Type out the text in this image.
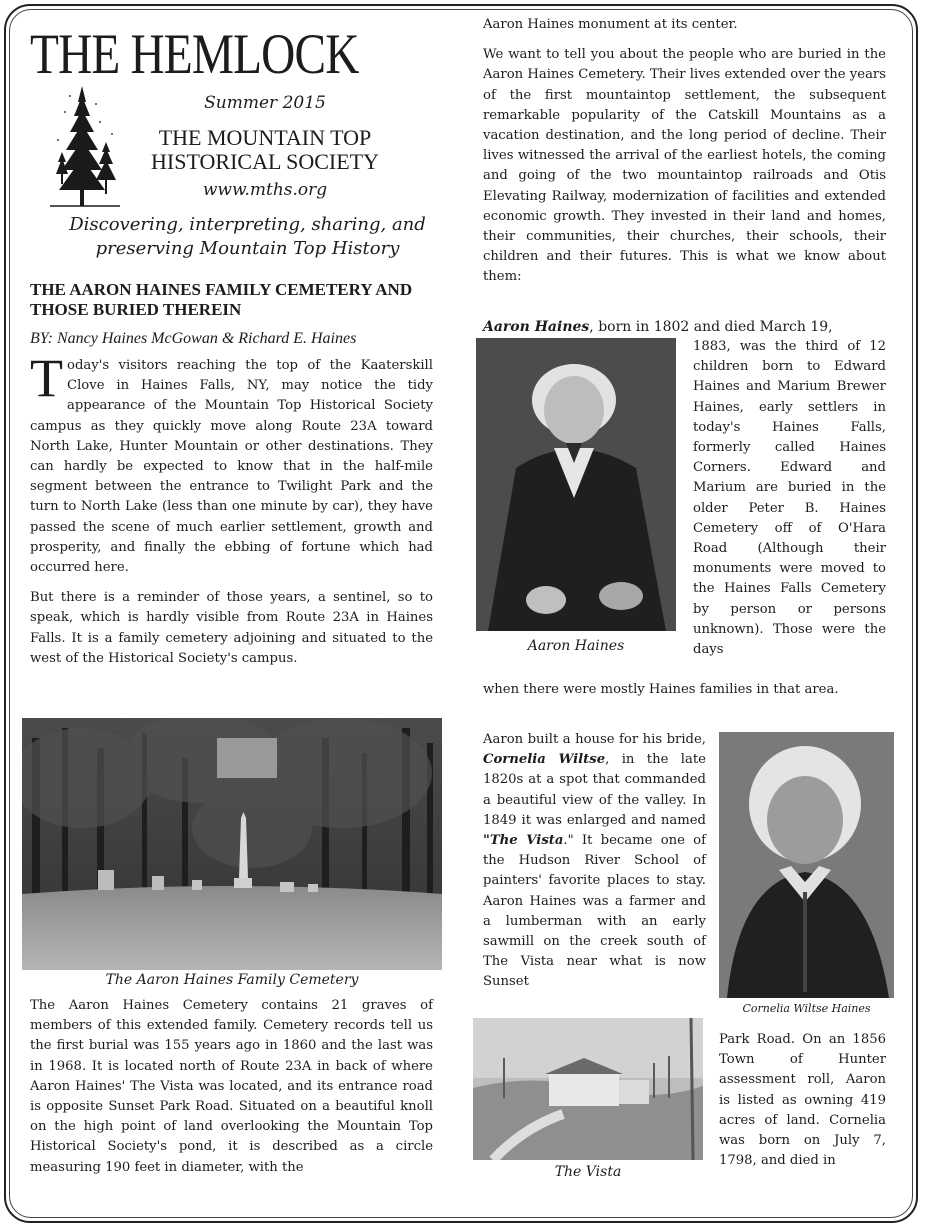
THE HEMLOCK
Summer 2015
THE MOUNTAIN TOP HISTORICAL SOCIETY
www.mths.org
Discovering, interpreting, sharing, and preserving Mountain Top History
THE AARON HAINES FAMILY CEMETERY AND THOSE BURIED THEREIN
BY: Nancy Haines McGowan & Richard E. Haines

Today's visitors reaching the top of the Kaaterskill Clove in Haines Falls, NY, may notice the tidy appearance of the Mountain Top Historical Society campus as they quickly move along Route 23A toward North Lake, Hunter Mountain or other destinations. They can hardly be expected to know that in the half-mile segment between the entrance to Twilight Park and the turn to North Lake (less than one minute by car), they have passed the scene of much earlier settlement, growth and prosperity, and finally the ebbing of fortune which had occurred here.

But there is a reminder of those years, a sentinel, so to speak, which is hardly visible from Route 23A in Haines Falls. It is a family cemetery adjoining and situated to the west of the Historical Society's campus.

The Aaron Haines Family Cemetery

The Aaron Haines Cemetery contains 21 graves of members of this extended family. Cemetery records tell us the first burial was 155 years ago in 1860 and the last was in 1968. It is located north of Route 23A in back of where Aaron Haines' The Vista was located, and its entrance road is opposite Sunset Park Road. Situated on a beautiful knoll on the high point of land overlooking the Mountain Top Historical Society's pond, it is described as a circle measuring 190 feet in diameter, with the

Aaron Haines monument at its center.

We want to tell you about the people who are buried in the Aaron Haines Cemetery. Their lives extended over the years of the first mountaintop settlement, the subsequent remarkable popularity of the Catskill Mountains as a vacation destination, and the long period of decline. Their lives witnessed the arrival of the earliest hotels, the coming and going of the two mountaintop railroads and Otis Elevating Railway, modernization of facilities and extended economic growth. They invested in their land and homes, their communities, their churches, their schools, their children and their futures. This is what we know about them:

Aaron Haines, born in 1802 and died March 19,

Aaron Haines

1883, was the third of 12 children born to Edward Haines and Marium Brewer Haines, early settlers in today's Haines Falls, formerly called Haines Corners. Edward and Marium are buried in the older Peter B. Haines Cemetery off of O'Hara Road (Although their monuments were moved to the Haines Falls Cemetery by person or persons unknown). Those were the days

when there were mostly Haines families in that area.

Aaron built a house for his bride, Cornelia Wiltse, in the late 1820s at a spot that commanded a beautiful view of the valley. In 1849 it was enlarged and named "The Vista." It became one of the Hudson River School of painters' favorite places to stay. Aaron Haines was a farmer and a lumberman with an early sawmill on the creek south of The Vista near what is now Sunset

Cornelia Wiltse Haines
The Vista

Park Road. On an 1856 Town of Hunter assessment roll, Aaron is listed as owning 419 acres of land. Cornelia was born on July 7, 1798, and died in
